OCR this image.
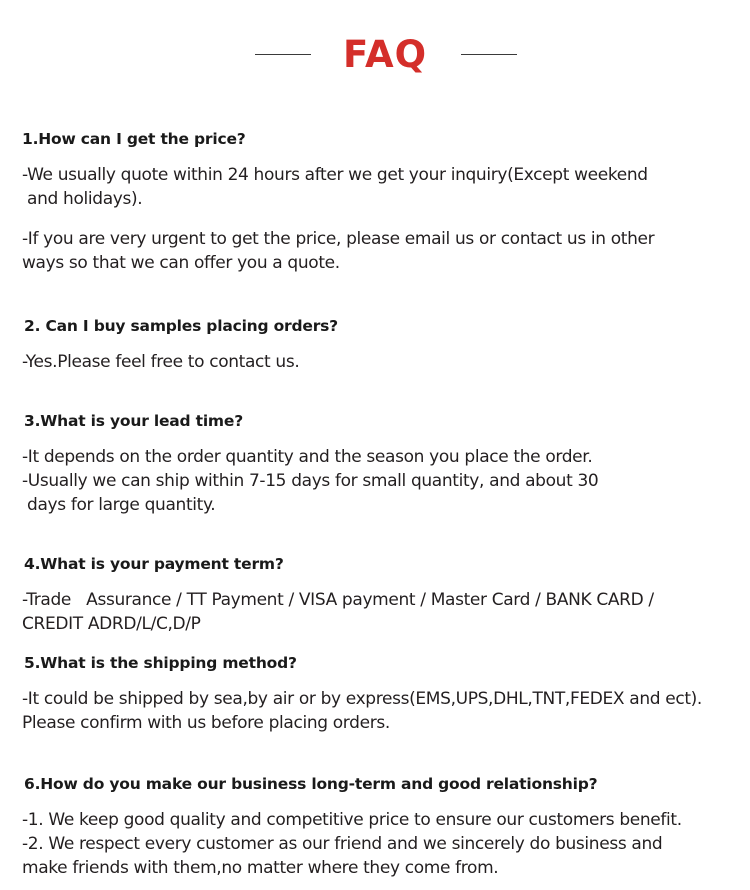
FAQ
1.How can I get the price?
-We usually quote within 24 hours after we get your inquiry(Except weekend
and holidays).
-If you are very urgent to get the price, please email us or contact us in other
ways so that we can offer you a quote.
2. Can I buy samples placing orders?
-Yes.Please feel free to contact us.
3.What is your lead time?
-It depends on the order quantity and the season you place the order.
-Usually we can ship within 7-15 days for small quantity, and about 30
days for large quantity.
4.What is your payment term?
-Trade   Assurance / TT Payment / VISA payment / Master Card / BANK CARD /
CREDIT ADRD/L/C,D/P
5.What is the shipping method?
-It could be shipped by sea,by air or by express(EMS,UPS,DHL,TNT,FEDEX and ect).
Please confirm with us before placing orders.
6.How do you make our business long-term and good relationship?
-1. We keep good quality and competitive price to ensure our customers benefit.
-2. We respect every customer as our friend and we sincerely do business and
make friends with them,no matter where they come from.
